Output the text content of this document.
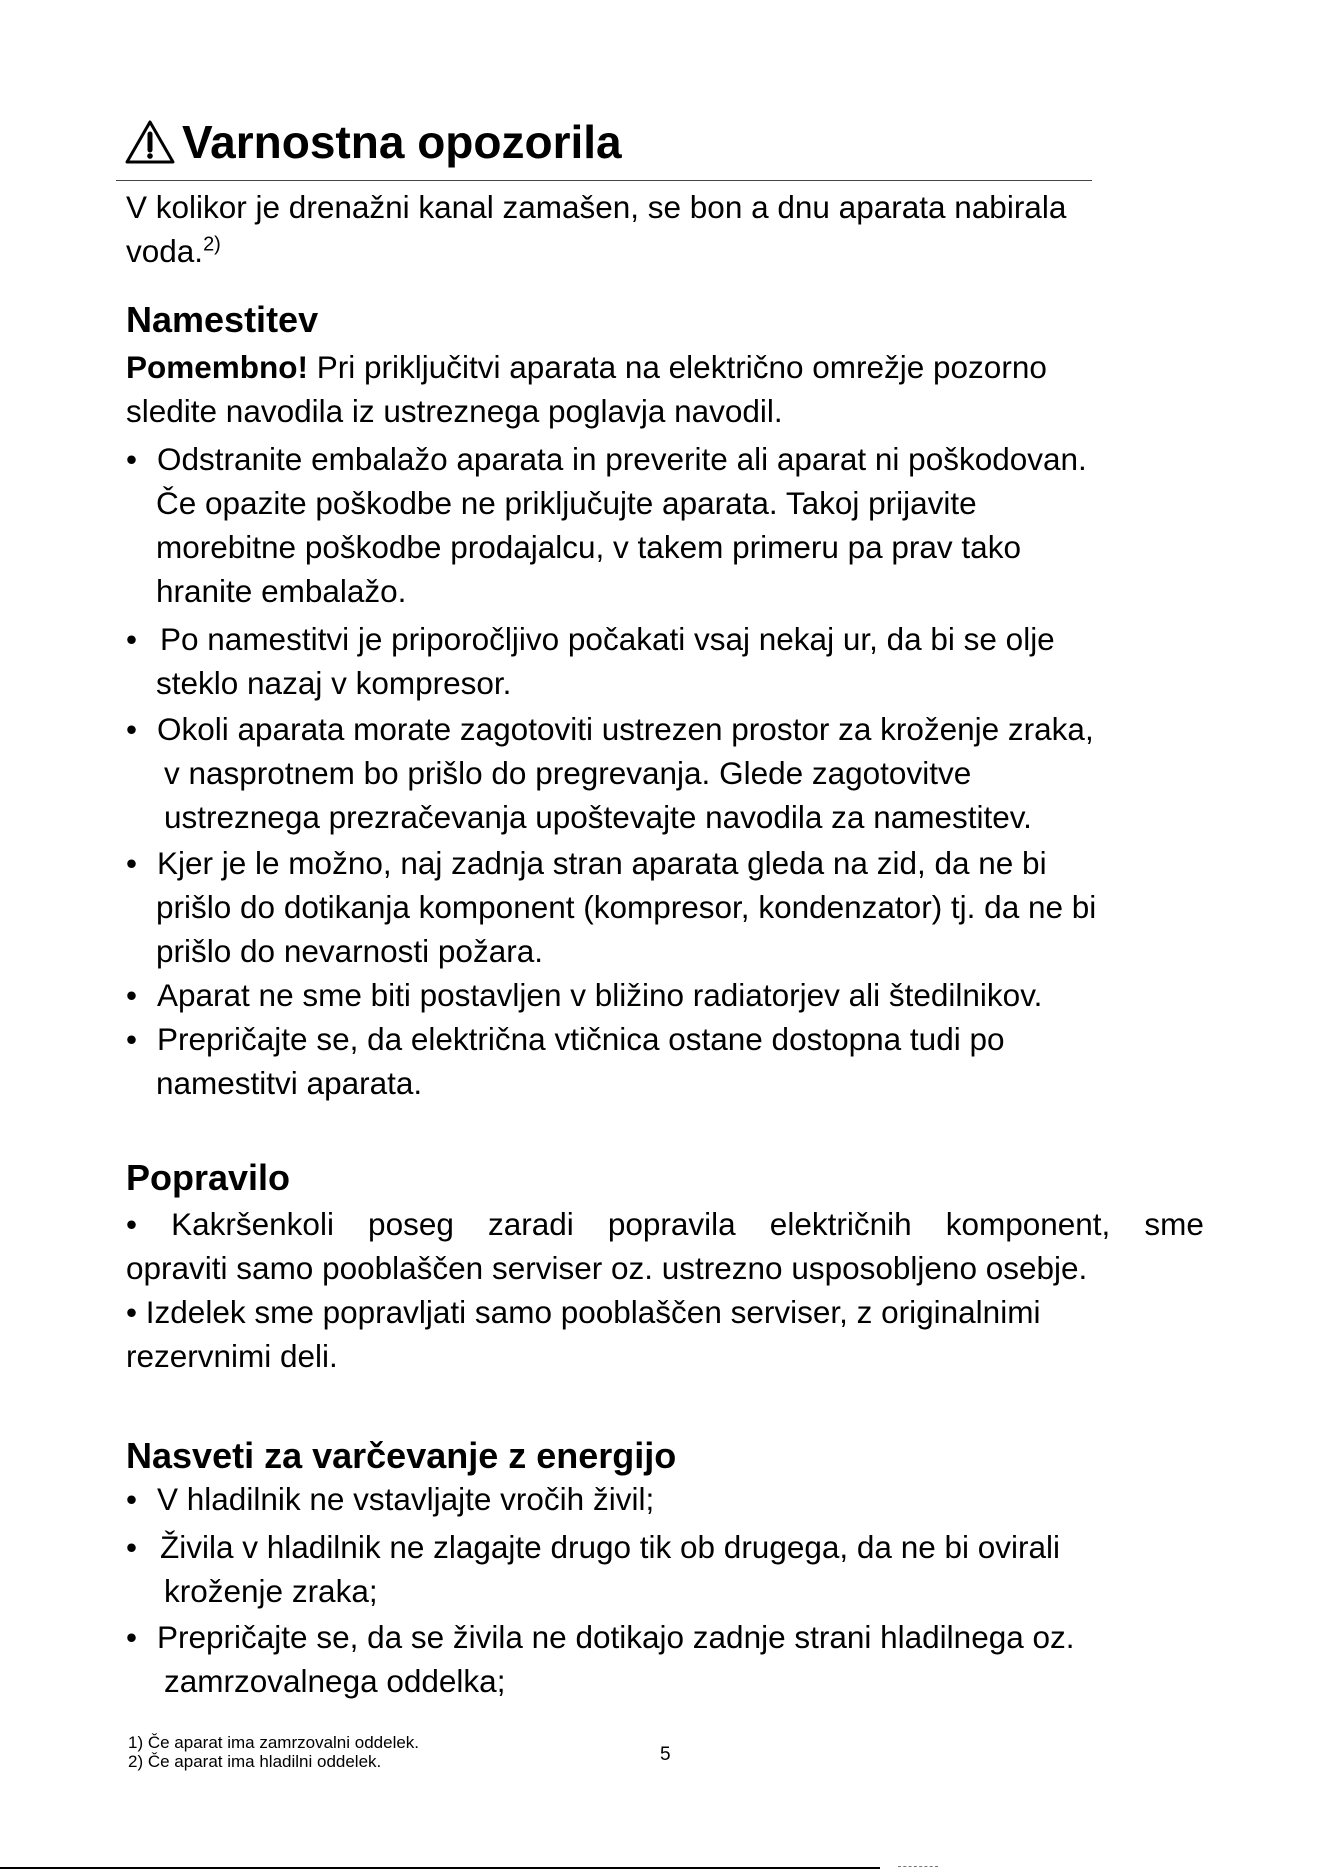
Varnostna opozorila
V kolikor je drenažni kanal zamašen, se bon a dnu aparata nabirala
voda.$^{2)}$
Namestitev
Pomembno! Pri priključitvi aparata na električno omrežje pozorno
sledite navodila iz ustreznega poglavja navodil.
• Odstranite embalažo aparata in preverite ali aparat ni poškodovan.
Če opazite poškodbe ne priključujte aparata. Takoj prijavite
morebitne poškodbe prodajalcu, v takem primeru pa prav tako
hranite embalažo.
• Po namestitvi je priporočljivo počakati vsaj nekaj ur, da bi se olje
steklo nazaj v kompresor.
• Okoli aparata morate zagotoviti ustrezen prostor za kroženje zraka,
v nasprotnem bo prišlo do pregrevanja. Glede zagotovitve
ustreznega prezračevanja upoštevajte navodila za namestitev.
• Kjer je le možno, naj zadnja stran aparata gleda na zid, da ne bi
prišlo do dotikanja komponent (kompresor, kondenzator) tj. da ne bi
prišlo do nevarnosti požara.
• Aparat ne sme biti postavljen v bližino radiatorjev ali štedilnikov.
• Prepričajte se, da električna vtičnica ostane dostopna tudi po
namestitvi aparata.
Popravilo
• Kakršenkoli poseg zaradi popravila električnih komponent, sme
opraviti samo pooblaščen serviser oz. ustrezno usposobljeno osebje.
• Izdelek sme popravljati samo pooblaščen serviser, z originalnimi
rezervnimi deli.
Nasveti za varčevanje z energijo
• V hladilnik ne vstavljajte vročih živil;
• Živila v hladilnik ne zlagajte drugo tik ob drugega, da ne bi ovirali
kroženje zraka;
• Prepričajte se, da se živila ne dotikajo zadnje strani hladilnega oz.
zamrzovalnega oddelka;
1) Če aparat ima zamrzovalni oddelek.
2) Če aparat ima hladilni oddelek.	5
